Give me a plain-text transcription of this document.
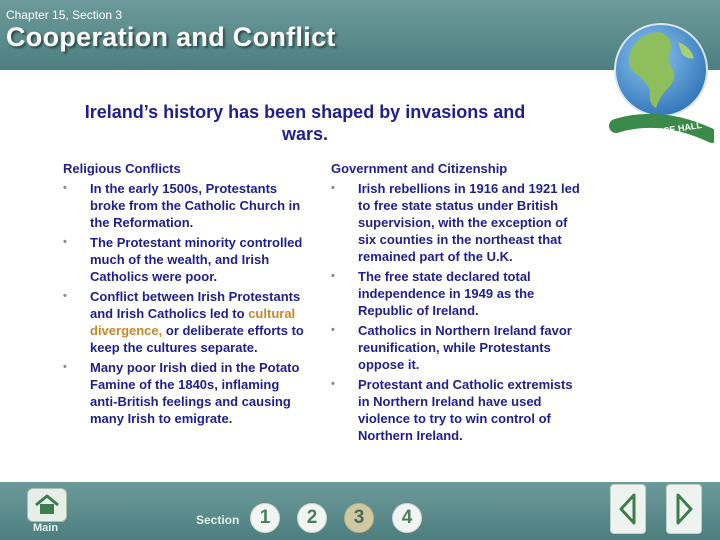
Chapter 15, Section 3
Cooperation and Conflict
PRENTICE HALL
Ireland’s history has been shaped by invasions and wars.
Religious Conflicts
• In the early 1500s, Protestants broke from the Catholic Church in the Reformation.
• The Protestant minority controlled much of the wealth, and Irish Catholics were poor.
• Conflict between Irish Protestants and Irish Catholics led to cultural divergence, or deliberate efforts to keep the cultures separate.
• Many poor Irish died in the Potato Famine of the 1840s, inflaming anti-British feelings and causing many Irish to emigrate.
Government and Citizenship
• Irish rebellions in 1916 and 1921 led to free state status under British supervision, with the exception of six counties in the northeast that remained part of the U.K.
• The free state declared total independence in 1949 as the Republic of Ireland.
• Catholics in Northern Ireland favor reunification, while Protestants oppose it.
• Protestant and Catholic extremists in Northern Ireland have used violence to try to win control of Northern Ireland.
Main
Section	1	2	3	4
